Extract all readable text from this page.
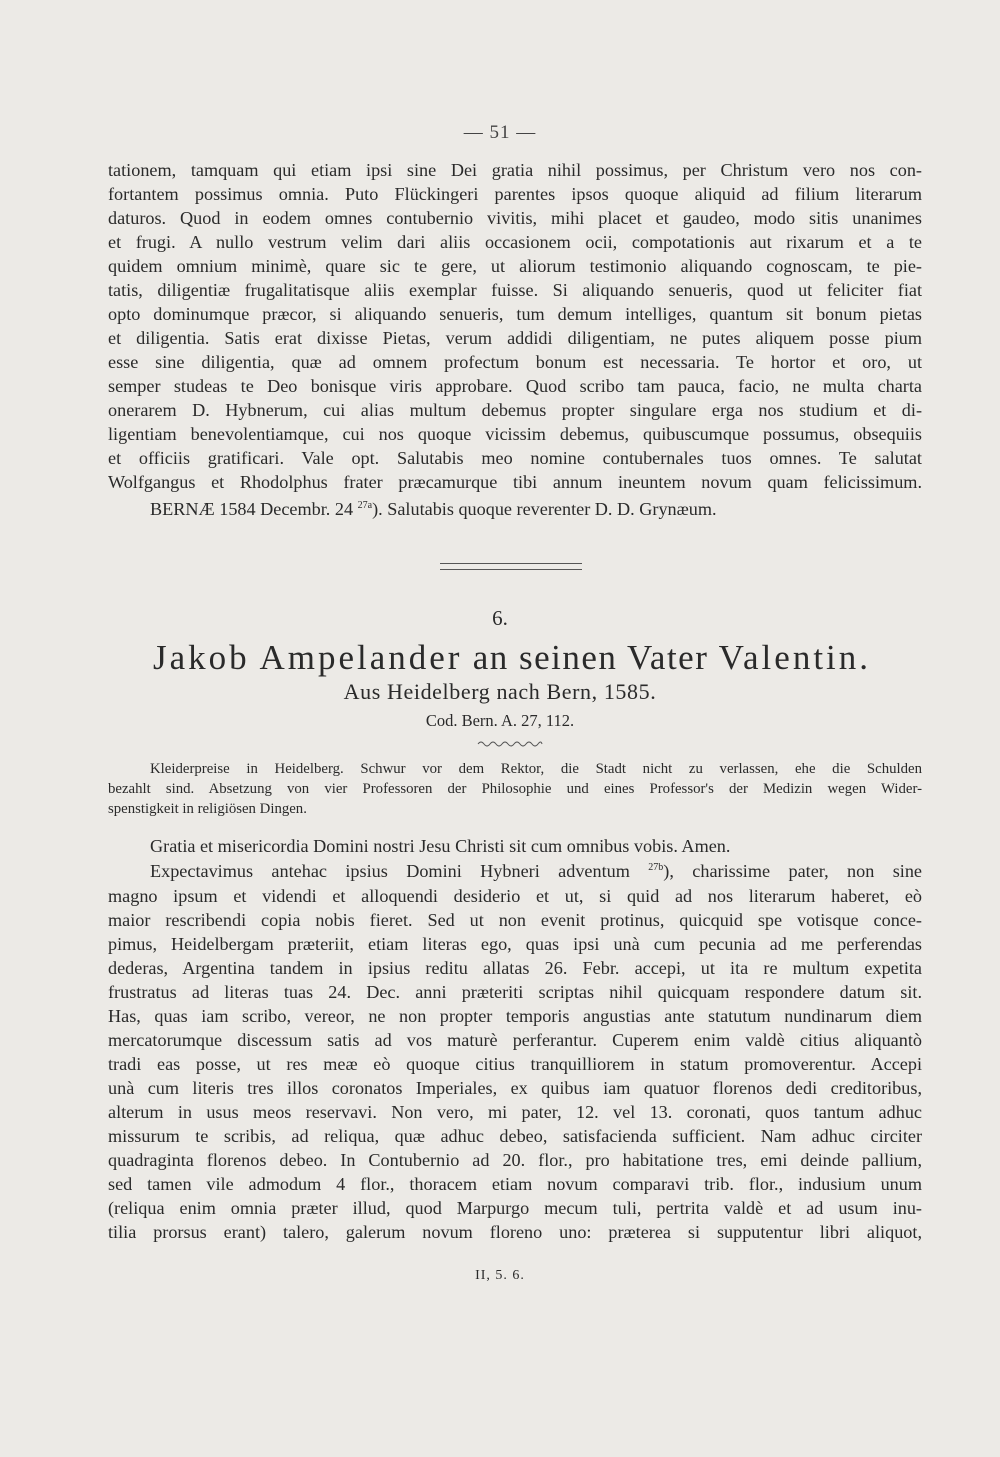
— 51 —
tationem, tamquam qui etiam ipsi sine Dei gratia nihil possimus, per Christum vero nos con-
fortantem possimus omnia. Puto Flückingeri parentes ipsos quoque aliquid ad filium literarum
daturos. Quod in eodem omnes contubernio vivitis, mihi placet et gaudeo, modo sitis unanimes
et frugi. A nullo vestrum velim dari aliis occasionem ocii, compotationis aut rixarum et a te
quidem omnium minimè, quare sic te gere, ut aliorum testimonio aliquando cognoscam, te pie-
tatis, diligentiæ frugalitatisque aliis exemplar fuisse. Si aliquando senueris, quod ut feliciter fiat
opto dominumque præcor, si aliquando senueris, tum demum intelliges, quantum sit bonum pietas
et diligentia. Satis erat dixisse Pietas, verum addidi diligentiam, ne putes aliquem posse pium
esse sine diligentia, quæ ad omnem profectum bonum est necessaria. Te hortor et oro, ut
semper studeas te Deo bonisque viris approbare. Quod scribo tam pauca, facio, ne multa charta
onerarem D. Hybnerum, cui alias multum debemus propter singulare erga nos studium et di-
ligentiam benevolentiamque, cui nos quoque vicissim debemus, quibuscumque possumus, obsequiis
et officiis gratificari. Vale opt. Salutabis meo nomine contubernales tuos omnes. Te salutat
Wolfgangus et Rhodolphus frater præcamurque tibi annum ineuntem novum quam felicissimum.
BERNÆ 1584 Decembr. 24 $^{27a}$). Salutabis quoque reverenter D. D. Grynæum.
6.
Jakob Ampelander an seinen Vater Valentin.
Aus Heidelberg nach Bern, 1585.
Cod. Bern. A. 27, 112.
Kleiderpreise in Heidelberg. Schwur vor dem Rektor, die Stadt nicht zu verlassen, ehe die Schulden
bezahlt sind. Absetzung von vier Professoren der Philosophie und eines Professor's der Medizin wegen Wider-
spenstigkeit in religiösen Dingen.
Gratia et misericordia Domini nostri Jesu Christi sit cum omnibus vobis. Amen.
Expectavimus antehac ipsius Domini Hybneri adventum $^{27b}$), charissime pater, non sine
magno ipsum et videndi et alloquendi desiderio et ut, si quid ad nos literarum haberet, eò
maior rescribendi copia nobis fieret. Sed ut non evenit protinus, quicquid spe votisque conce-
pimus, Heidelbergam præteriit, etiam literas ego, quas ipsi unà cum pecunia ad me perferendas
dederas, Argentina tandem in ipsius reditu allatas 26. Febr. accepi, ut ita re multum expetita
frustratus ad literas tuas 24. Dec. anni præteriti scriptas nihil quicquam respondere datum sit.
Has, quas iam scribo, vereor, ne non propter temporis angustias ante statutum nundinarum diem
mercatorumque discessum satis ad vos maturè perferantur. Cuperem enim valdè citius aliquantò
tradi eas posse, ut res meæ eò quoque citius tranquilliorem in statum promoverentur. Accepi
unà cum literis tres illos coronatos Imperiales, ex quibus iam quatuor florenos dedi creditoribus,
alterum in usus meos reservavi. Non vero, mi pater, 12. vel 13. coronati, quos tantum adhuc
missurum te scribis, ad reliqua, quæ adhuc debeo, satisfacienda sufficient. Nam adhuc circiter
quadraginta florenos debeo. In Contubernio ad 20. flor., pro habitatione tres, emi deinde pallium,
sed tamen vile admodum 4 flor., thoracem etiam novum comparavi trib. flor., indusium unum
(reliqua enim omnia præter illud, quod Marpurgo mecum tuli, pertrita valdè et ad usum inu-
tilia prorsus erant) talero, galerum novum floreno uno: præterea si supputentur libri aliquot,
II, 5. 6.
